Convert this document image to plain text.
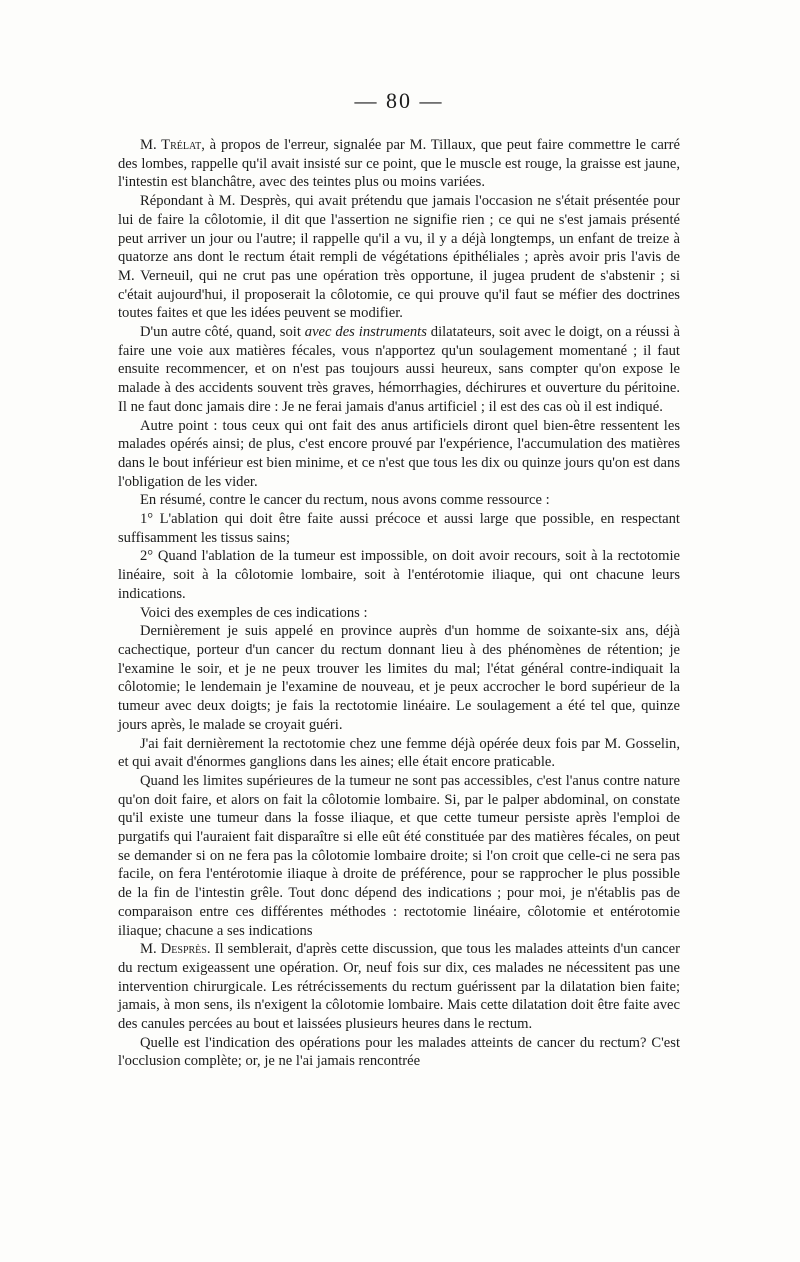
— 80 —

M. Trélat, à propos de l'erreur, signalée par M. Tillaux, que peut faire commettre le carré des lombes, rappelle qu'il avait insisté sur ce point, que le muscle est rouge, la graisse est jaune, l'intestin est blanchâtre, avec des teintes plus ou moins variées.

Répondant à M. Desprès, qui avait prétendu que jamais l'occasion ne s'était présentée pour lui de faire la côlotomie, il dit que l'assertion ne signifie rien ; ce qui ne s'est jamais présenté peut arriver un jour ou l'autre; il rappelle qu'il a vu, il y a déjà longtemps, un enfant de treize à quatorze ans dont le rectum était rempli de végétations épithéliales ; après avoir pris l'avis de M. Verneuil, qui ne crut pas une opération très opportune, il jugea prudent de s'abstenir ; si c'était aujourd'hui, il proposerait la côlotomie, ce qui prouve qu'il faut se méfier des doctrines toutes faites et que les idées peuvent se modifier.

D'un autre côté, quand, soit avec des instruments dilatateurs, soit avec le doigt, on a réussi à faire une voie aux matières fécales, vous n'apportez qu'un soulagement momentané ; il faut ensuite recommencer, et on n'est pas toujours aussi heureux, sans compter qu'on expose le malade à des accidents souvent très graves, hémorrhagies, déchirures et ouverture du péritoine. Il ne faut donc jamais dire : Je ne ferai jamais d'anus artificiel ; il est des cas où il est indiqué.

Autre point : tous ceux qui ont fait des anus artificiels diront quel bien-être ressentent les malades opérés ainsi; de plus, c'est encore prouvé par l'expérience, l'accumulation des matières dans le bout inférieur est bien minime, et ce n'est que tous les dix ou quinze jours qu'on est dans l'obligation de les vider.

En résumé, contre le cancer du rectum, nous avons comme ressource :

1° L'ablation qui doit être faite aussi précoce et aussi large que possible, en respectant suffisamment les tissus sains;

2° Quand l'ablation de la tumeur est impossible, on doit avoir recours, soit à la rectotomie linéaire, soit à la côlotomie lombaire, soit à l'entérotomie iliaque, qui ont chacune leurs indications.

Voici des exemples de ces indications :

Dernièrement je suis appelé en province auprès d'un homme de soixante-six ans, déjà cachectique, porteur d'un cancer du rectum donnant lieu à des phénomènes de rétention; je l'examine le soir, et je ne peux trouver les limites du mal; l'état général contre-indiquait la côlotomie; le lendemain je l'examine de nouveau, et je peux accrocher le bord supérieur de la tumeur avec deux doigts; je fais la rectotomie linéaire. Le soulagement a été tel que, quinze jours après, le malade se croyait guéri.

J'ai fait dernièrement la rectotomie chez une femme déjà opérée deux fois par M. Gosselin, et qui avait d'énormes ganglions dans les aines; elle était encore praticable.

Quand les limites supérieures de la tumeur ne sont pas accessibles, c'est l'anus contre nature qu'on doit faire, et alors on fait la côlotomie lombaire. Si, par le palper abdominal, on constate qu'il existe une tumeur dans la fosse iliaque, et que cette tumeur persiste après l'emploi de purgatifs qui l'auraient fait disparaître si elle eût été constituée par des matières fécales, on peut se demander si on ne fera pas la côlotomie lombaire droite; si l'on croit que celle-ci ne sera pas facile, on fera l'entérotomie iliaque à droite de préférence, pour se rapprocher le plus possible de la fin de l'intestin grêle. Tout donc dépend des indications ; pour moi, je n'établis pas de comparaison entre ces différentes méthodes : rectotomie linéaire, côlotomie et entérotomie iliaque; chacune a ses indications

M. Desprès. Il semblerait, d'après cette discussion, que tous les malades atteints d'un cancer du rectum exigeassent une opération. Or, neuf fois sur dix, ces malades ne nécessitent pas une intervention chirurgicale. Les rétrécissements du rectum guérissent par la dilatation bien faite; jamais, à mon sens, ils n'exigent la côlotomie lombaire. Mais cette dilatation doit être faite avec des canules percées au bout et laissées plusieurs heures dans le rectum.

Quelle est l'indication des opérations pour les malades atteints de cancer du rectum? C'est l'occlusion complète; or, je ne l'ai jamais rencontrée
